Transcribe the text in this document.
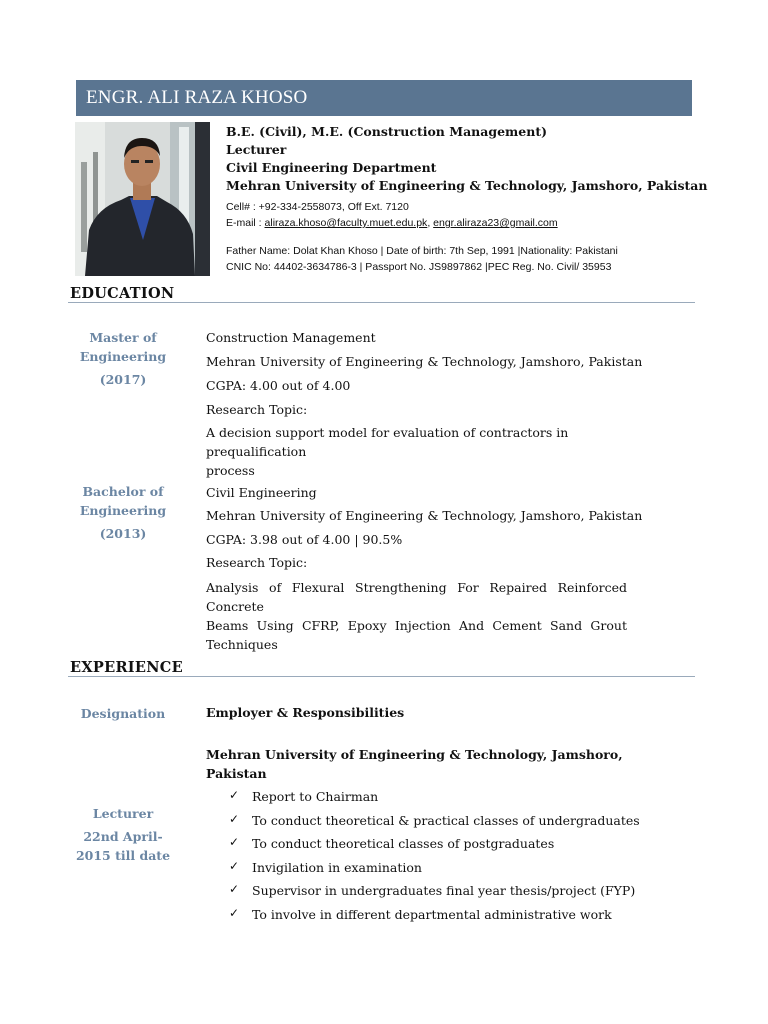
ENGR. ALI RAZA KHOSO
B.E. (Civil), M.E. (Construction Management)
Lecturer
Civil Engineering Department
Mehran University of Engineering & Technology, Jamshoro, Pakistan
Cell# : +92-334-2558073, Off Ext. 7120
E-mail : aliraza.khoso@faculty.muet.edu.pk, engr.aliraza23@gmail.com
Father Name: Dolat Khan Khoso | Date of birth: 7th Sep, 1991 |Nationality: Pakistani
CNIC No: 44402-3634786-3 | Passport No. JS9897862 |PEC Reg. No. Civil/ 35953
EDUCATION
Master of
Engineering
(2017)
Construction Management
Mehran University of Engineering & Technology, Jamshoro, Pakistan
CGPA: 4.00 out of 4.00
Research Topic:
A decision support model for evaluation of contractors in prequalification
process
Bachelor of
Engineering
(2013)
Civil Engineering
Mehran University of Engineering & Technology, Jamshoro, Pakistan
CGPA: 3.98 out of 4.00 | 90.5%
Research Topic:
Analysis of Flexural Strengthening For Repaired Reinforced Concrete
Beams Using CFRP, Epoxy Injection And Cement Sand Grout
Techniques
EXPERIENCE
Designation	Employer & Responsibilities
Mehran University of Engineering & Technology, Jamshoro,
Pakistan
Lecturer
22nd April-
2015 till date
✓ Report to Chairman
✓ To conduct theoretical & practical classes of undergraduates
✓ To conduct theoretical classes of postgraduates
✓ Invigilation in examination
✓ Supervisor in undergraduates final year thesis/project (FYP)
✓ To involve in different departmental administrative work
